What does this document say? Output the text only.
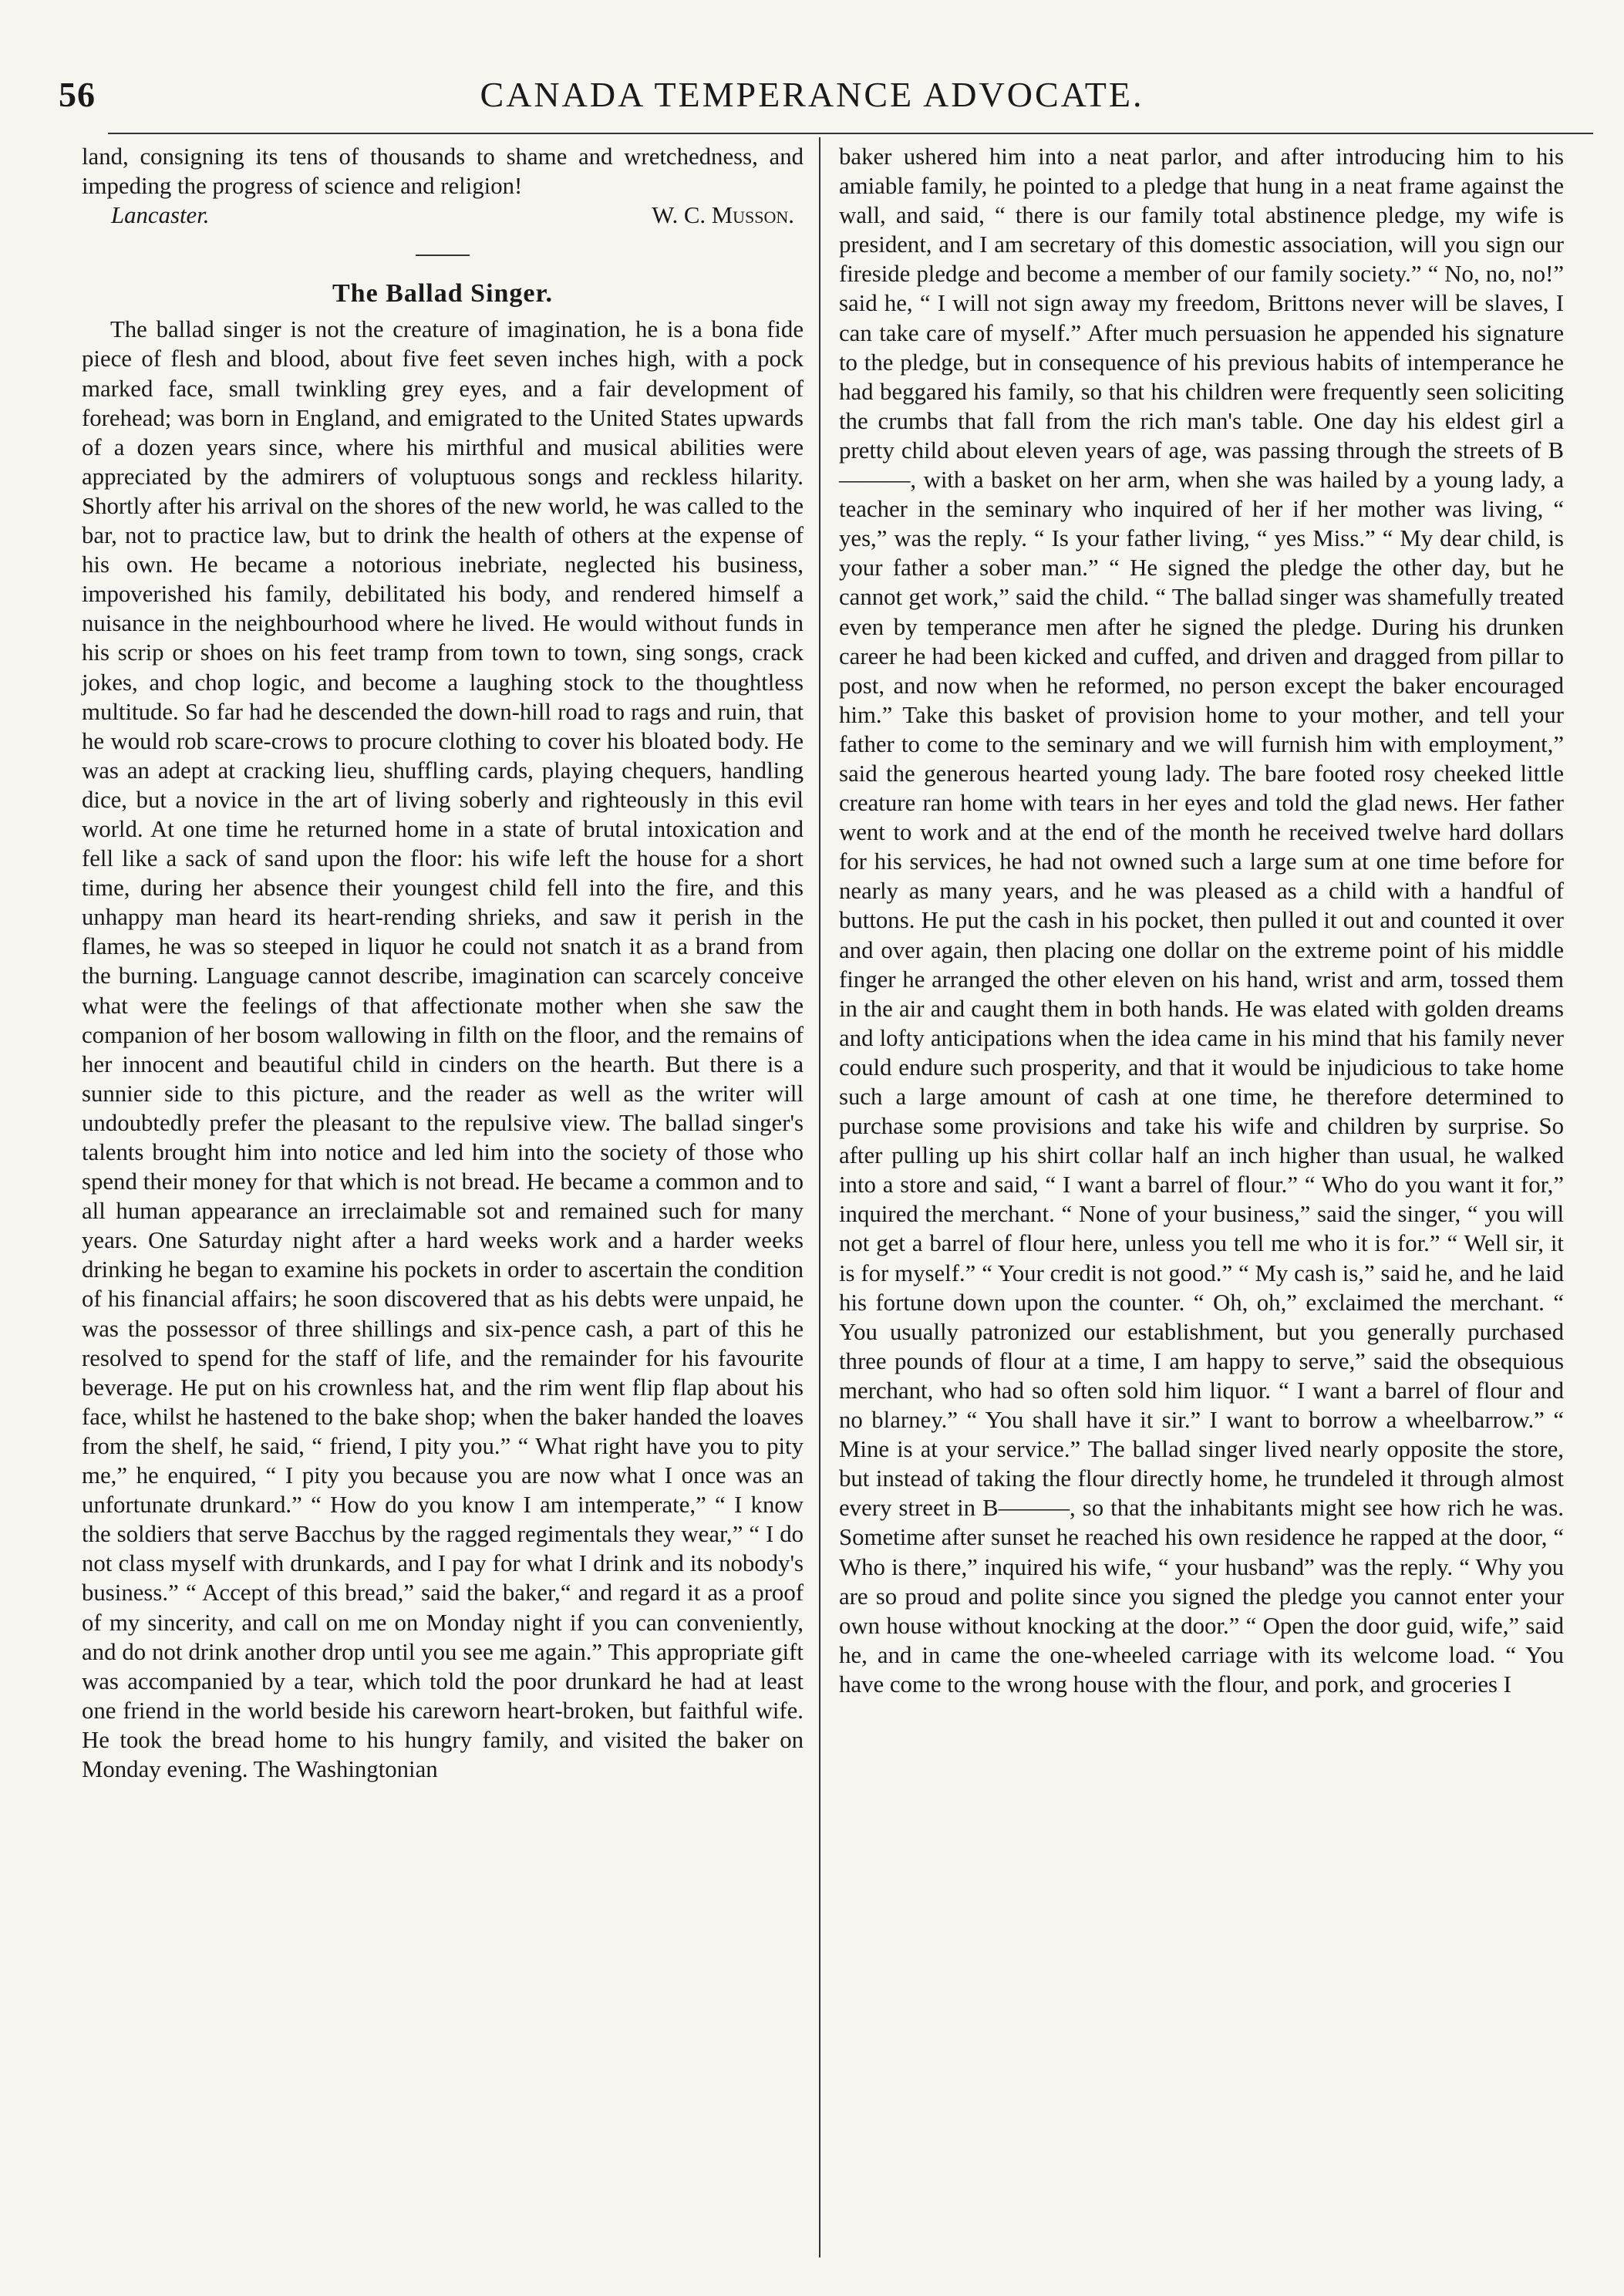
56	CANADA TEMPERANCE ADVOCATE.

land, consigning its tens of thousands to shame and wretchedness, and impeding the progress of science and religion!

Lancaster.	W. C. Musson.
The Ballad Singer.

The ballad singer is not the creature of imagination, he is a bona fide piece of flesh and blood, about five feet seven inches high, with a pock marked face, small twinkling grey eyes, and a fair development of forehead; was born in England, and emigrated to the United States upwards of a dozen years since, where his mirthful and musical abilities were appreciated by the admirers of voluptuous songs and reckless hilarity. Shortly after his arrival on the shores of the new world, he was called to the bar, not to practice law, but to drink the health of others at the expense of his own. He became a notorious inebriate, neglected his business, impoverished his family, debilitated his body, and rendered himself a nuisance in the neighbourhood where he lived. He would without funds in his scrip or shoes on his feet tramp from town to town, sing songs, crack jokes, and chop logic, and become a laughing stock to the thoughtless multitude. So far had he descended the down-hill road to rags and ruin, that he would rob scare-crows to procure clothing to cover his bloated body. He was an adept at cracking lieu, shuffling cards, playing chequers, handling dice, but a novice in the art of living soberly and righteously in this evil world. At one time he returned home in a state of brutal intoxication and fell like a sack of sand upon the floor: his wife left the house for a short time, during her absence their youngest child fell into the fire, and this unhappy man heard its heart-rending shrieks, and saw it perish in the flames, he was so steeped in liquor he could not snatch it as a brand from the burning. Language cannot describe, imagination can scarcely conceive what were the feelings of that affectionate mother when she saw the companion of her bosom wallowing in filth on the floor, and the remains of her innocent and beautiful child in cinders on the hearth. But there is a sunnier side to this picture, and the reader as well as the writer will undoubtedly prefer the pleasant to the repulsive view. The ballad singer's talents brought him into notice and led him into the society of those who spend their money for that which is not bread. He became a common and to all human appearance an irreclaimable sot and remained such for many years. One Saturday night after a hard weeks work and a harder weeks drinking he began to examine his pockets in order to ascertain the condition of his financial affairs; he soon discovered that as his debts were unpaid, he was the possessor of three shillings and six-pence cash, a part of this he resolved to spend for the staff of life, and the remainder for his favourite beverage. He put on his crownless hat, and the rim went flip flap about his face, whilst he hastened to the bake shop; when the baker handed the loaves from the shelf, he said, “ friend, I pity you.” “ What right have you to pity me,” he enquired, “ I pity you because you are now what I once was an unfortunate drunkard.” “ How do you know I am intemperate,” “ I know the soldiers that serve Bacchus by the ragged regimentals they wear,” “ I do not class myself with drunkards, and I pay for what I drink and its nobody's business.” “ Accept of this bread,” said the baker,“ and regard it as a proof of my sincerity, and call on me on Monday night if you can conveniently, and do not drink another drop until you see me again.” This appropriate gift was accompanied by a tear, which told the poor drunkard he had at least one friend in the world beside his careworn heart-broken, but faithful wife. He took the bread home to his hungry family, and visited the baker on Monday evening. The Washingtonian

baker ushered him into a neat parlor, and after introducing him to his amiable family, he pointed to a pledge that hung in a neat frame against the wall, and said, “ there is our family total abstinence pledge, my wife is president, and I am secretary of this domestic association, will you sign our fireside pledge and become a member of our family society.” “ No, no, no!” said he, “ I will not sign away my freedom, Brittons never will be slaves, I can take care of myself.” After much persuasion he appended his signature to the pledge, but in consequence of his previous habits of intemperance he had beggared his family, so that his children were frequently seen soliciting the crumbs that fall from the rich man's table. One day his eldest girl a pretty child about eleven years of age, was passing through the streets of B———, with a basket on her arm, when she was hailed by a young lady, a teacher in the seminary who inquired of her if her mother was living, “ yes,” was the reply. “ Is your father living, “ yes Miss.” “ My dear child, is your father a sober man.” “ He signed the pledge the other day, but he cannot get work,” said the child. “ The ballad singer was shamefully treated even by temperance men after he signed the pledge. During his drunken career he had been kicked and cuffed, and driven and dragged from pillar to post, and now when he reformed, no person except the baker encouraged him.” Take this basket of provision home to your mother, and tell your father to come to the seminary and we will furnish him with employment,” said the generous hearted young lady. The bare footed rosy cheeked little creature ran home with tears in her eyes and told the glad news. Her father went to work and at the end of the month he received twelve hard dollars for his services, he had not owned such a large sum at one time before for nearly as many years, and he was pleased as a child with a handful of buttons. He put the cash in his pocket, then pulled it out and counted it over and over again, then placing one dollar on the extreme point of his middle finger he arranged the other eleven on his hand, wrist and arm, tossed them in the air and caught them in both hands. He was elated with golden dreams and lofty anticipations when the idea came in his mind that his family never could endure such prosperity, and that it would be injudicious to take home such a large amount of cash at one time, he therefore determined to purchase some provisions and take his wife and children by surprise. So after pulling up his shirt collar half an inch higher than usual, he walked into a store and said, “ I want a barrel of flour.” “ Who do you want it for,” inquired the merchant. “ None of your business,” said the singer, “ you will not get a barrel of flour here, unless you tell me who it is for.” “ Well sir, it is for myself.” “ Your credit is not good.” “ My cash is,” said he, and he laid his fortune down upon the counter. “ Oh, oh,” exclaimed the merchant. “ You usually patronized our establishment, but you generally purchased three pounds of flour at a time, I am happy to serve,” said the obsequious merchant, who had so often sold him liquor. “ I want a barrel of flour and no blarney.” “ You shall have it sir.” I want to borrow a wheelbarrow.” “ Mine is at your service.” The ballad singer lived nearly opposite the store, but instead of taking the flour directly home, he trundeled it through almost every street in B———, so that the inhabitants might see how rich he was. Sometime after sunset he reached his own residence he rapped at the door, “ Who is there,” inquired his wife, “ your husband” was the reply. “ Why you are so proud and polite since you signed the pledge you cannot enter your own house without knocking at the door.” “ Open the door guid, wife,” said he, and in came the one-wheeled carriage with its welcome load. “ You have come to the wrong house with the flour, and pork, and groceries I
